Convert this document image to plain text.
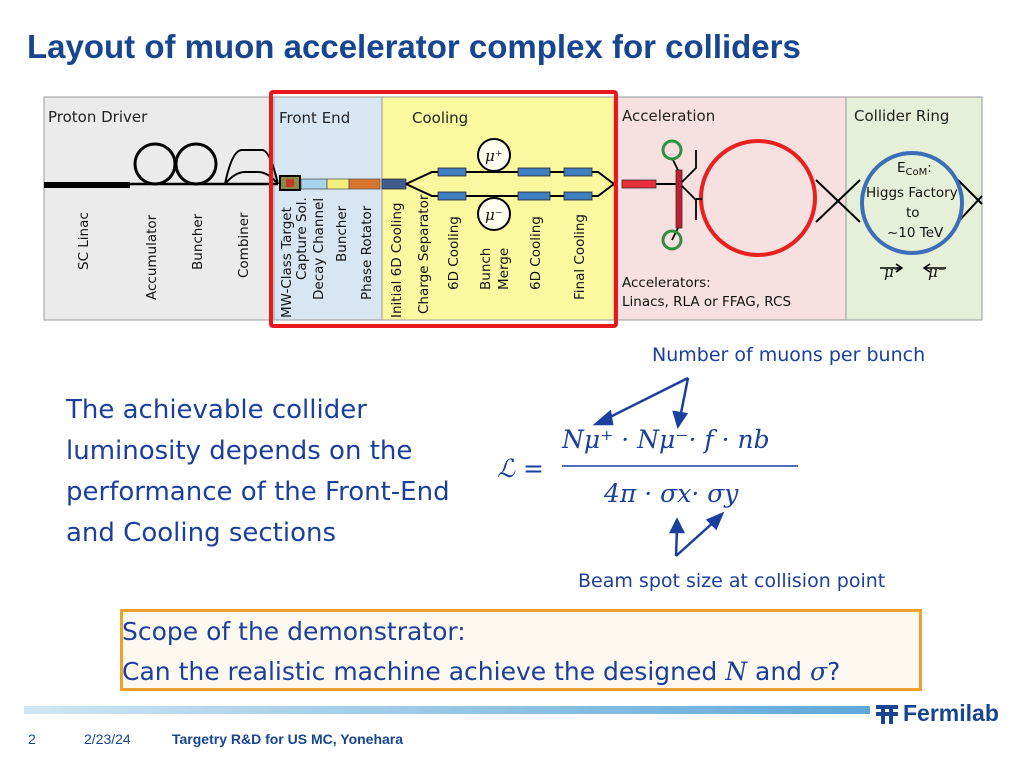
Layout of muon accelerator complex for colliders
Proton Driver	Front End	Cooling	Acceleration	Collider Ring
SC Linac	Accumulator Buncher Combiner MW-Class Target Capture Sol. Decay Channel Buncher Phase Rotator
μ⁺
μ⁻
Initial 6D Cooling Charge Separator 6D Cooling Bunch Merge 6D Cooling Final Cooling	Accelerators:
Linacs, RLA or FFAG, RCS
$E_{CoM}$:
Higgs Factory
to
~10 TeV
μ⁺ μ⁻
ℒ =
Nμ⁺ · Nμ⁻· f · nb
4π · σx· σy
Number of muons per bunch
Beam spot size at collision point
The achievable collider luminosity depends on the performance of the Front-End and Cooling sections
Scope of the demonstrator:
Can the realistic machine achieve the designed N and σ?
Fermilab
2	2/23/24	Targetry R&D for US MC, Yonehara
